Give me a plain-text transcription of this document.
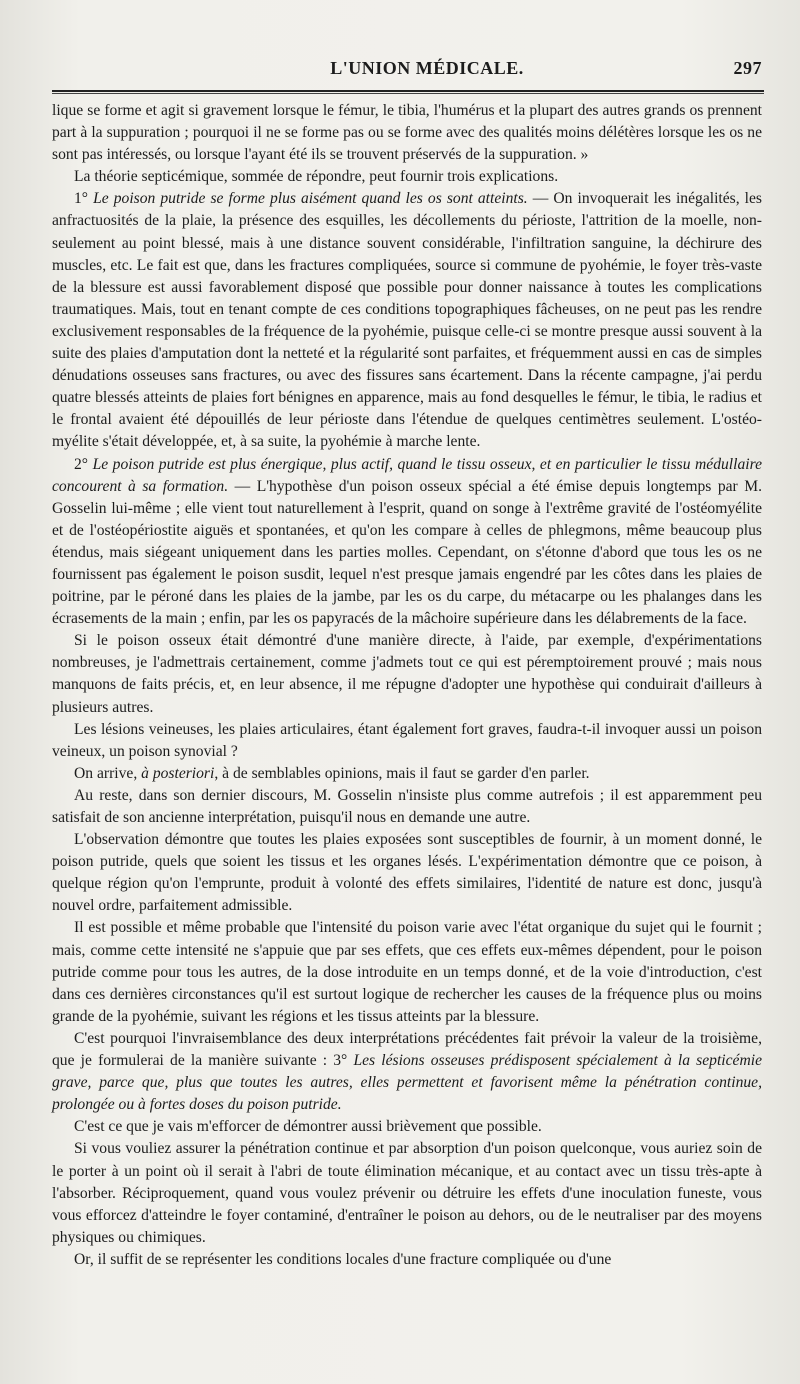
L'UNION MÉDICALE.	297

lique se forme et agit si gravement lorsque le fémur, le tibia, l'humérus et la plupart des autres grands os prennent part à la suppuration ; pourquoi il ne se forme pas ou se forme avec des qualités moins délétères lorsque les os ne sont pas intéressés, ou lorsque l'ayant été ils se trouvent préservés de la suppuration. »

La théorie septicémique, sommée de répondre, peut fournir trois explications.

1° Le poison putride se forme plus aisément quand les os sont atteints. — On invoquerait les inégalités, les anfractuosités de la plaie, la présence des esquilles, les décollements du périoste, l'attrition de la moelle, non-seulement au point blessé, mais à une distance souvent considérable, l'infiltration sanguine, la déchirure des muscles, etc. Le fait est que, dans les fractures compliquées, source si commune de pyohémie, le foyer très-vaste de la blessure est aussi favorablement disposé que possible pour donner naissance à toutes les complications traumatiques. Mais, tout en tenant compte de ces conditions topographiques fâcheuses, on ne peut pas les rendre exclusivement responsables de la fréquence de la pyohémie, puisque celle-ci se montre presque aussi souvent à la suite des plaies d'amputation dont la netteté et la régularité sont parfaites, et fréquemment aussi en cas de simples dénudations osseuses sans fractures, ou avec des fissures sans écartement. Dans la récente campagne, j'ai perdu quatre blessés atteints de plaies fort bénignes en apparence, mais au fond desquelles le fémur, le tibia, le radius et le frontal avaient été dépouillés de leur périoste dans l'étendue de quelques centimètres seulement. L'ostéo-myélite s'était développée, et, à sa suite, la pyohémie à marche lente.

2° Le poison putride est plus énergique, plus actif, quand le tissu osseux, et en particulier le tissu médullaire concourent à sa formation. — L'hypothèse d'un poison osseux spécial a été émise depuis longtemps par M. Gosselin lui-même ; elle vient tout naturellement à l'esprit, quand on songe à l'extrême gravité de l'ostéomyélite et de l'ostéopériostite aiguës et spontanées, et qu'on les compare à celles de phlegmons, même beaucoup plus étendus, mais siégeant uniquement dans les parties molles. Cependant, on s'étonne d'abord que tous les os ne fournissent pas également le poison susdit, lequel n'est presque jamais engendré par les côtes dans les plaies de poitrine, par le péroné dans les plaies de la jambe, par les os du carpe, du métacarpe ou les phalanges dans les écrasements de la main ; enfin, par les os papyracés de la mâchoire supérieure dans les délabrements de la face.

Si le poison osseux était démontré d'une manière directe, à l'aide, par exemple, d'expérimentations nombreuses, je l'admettrais certainement, comme j'admets tout ce qui est péremptoirement prouvé ; mais nous manquons de faits précis, et, en leur absence, il me répugne d'adopter une hypothèse qui conduirait d'ailleurs à plusieurs autres.

Les lésions veineuses, les plaies articulaires, étant également fort graves, faudra-t-il invoquer aussi un poison veineux, un poison synovial ?

On arrive, à posteriori, à de semblables opinions, mais il faut se garder d'en parler.

Au reste, dans son dernier discours, M. Gosselin n'insiste plus comme autrefois ; il est apparemment peu satisfait de son ancienne interprétation, puisqu'il nous en demande une autre.

L'observation démontre que toutes les plaies exposées sont susceptibles de fournir, à un moment donné, le poison putride, quels que soient les tissus et les organes lésés. L'expérimentation démontre que ce poison, à quelque région qu'on l'emprunte, produit à volonté des effets similaires, l'identité de nature est donc, jusqu'à nouvel ordre, parfaitement admissible.

Il est possible et même probable que l'intensité du poison varie avec l'état organique du sujet qui le fournit ; mais, comme cette intensité ne s'appuie que par ses effets, que ces effets eux-mêmes dépendent, pour le poison putride comme pour tous les autres, de la dose introduite en un temps donné, et de la voie d'introduction, c'est dans ces dernières circonstances qu'il est surtout logique de rechercher les causes de la fréquence plus ou moins grande de la pyohémie, suivant les régions et les tissus atteints par la blessure.

C'est pourquoi l'invraisemblance des deux interprétations précédentes fait prévoir la valeur de la troisième, que je formulerai de la manière suivante : 3° Les lésions osseuses prédisposent spécialement à la septicémie grave, parce que, plus que toutes les autres, elles permettent et favorisent même la pénétration continue, prolongée ou à fortes doses du poison putride.

C'est ce que je vais m'efforcer de démontrer aussi brièvement que possible.

Si vous vouliez assurer la pénétration continue et par absorption d'un poison quelconque, vous auriez soin de le porter à un point où il serait à l'abri de toute élimination mécanique, et au contact avec un tissu très-apte à l'absorber. Réciproquement, quand vous voulez prévenir ou détruire les effets d'une inoculation funeste, vous vous efforcez d'atteindre le foyer contaminé, d'entraîner le poison au dehors, ou de le neutraliser par des moyens physiques ou chimiques.

Or, il suffit de se représenter les conditions locales d'une fracture compliquée ou d'une
